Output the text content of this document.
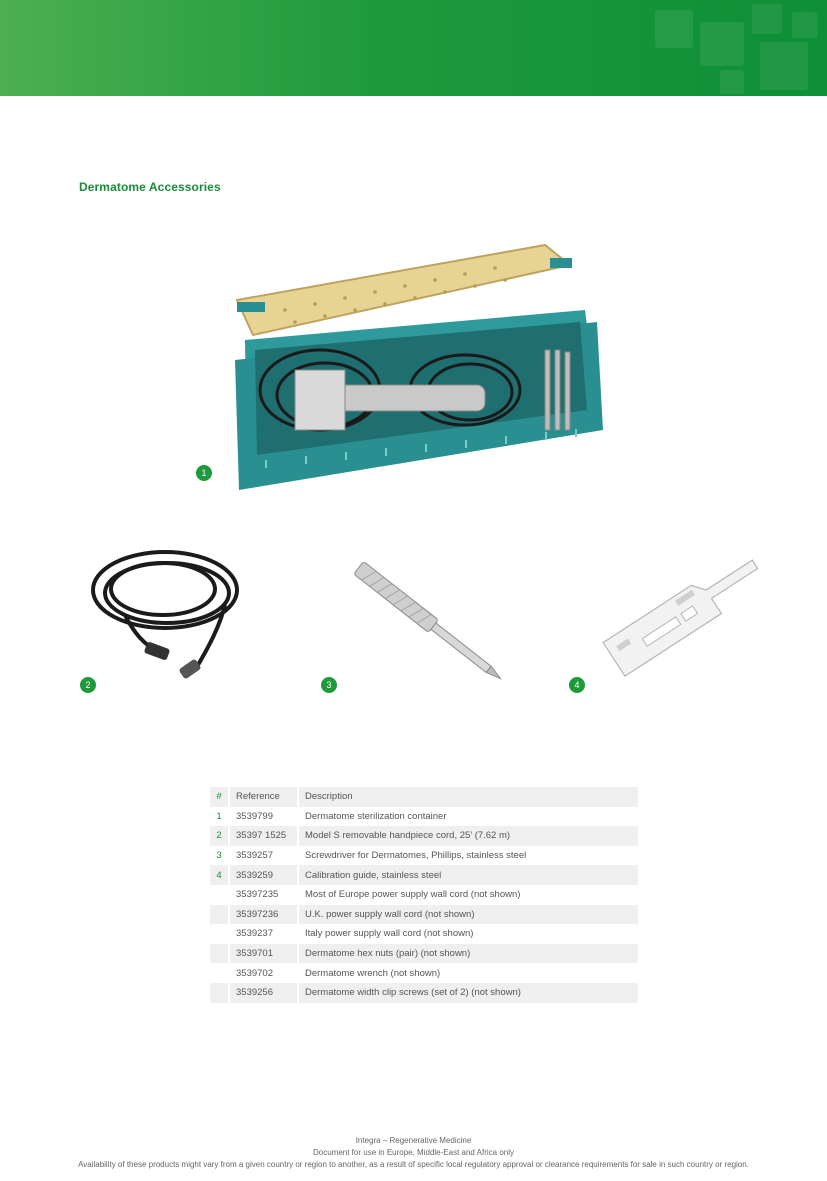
Dermatome Accessories
1
2	3	4
#	Reference	Description
1	3539799	Dermatome sterilization container
2	35397 1525	Model S removable handpiece cord, 25’ (7.62 m)
3	3539257	Screwdriver for Dermatomes, Phillips, stainless steel
4	3539259	Calibration guide, stainless steel
	35397235	Most of Europe power supply wall cord (not shown)
	35397236	U.K. power supply wall cord (not shown)
	3539237	Italy power supply wall cord (not shown)
	3539701	Dermatome hex nuts (pair) (not shown)
	3539702	Dermatome wrench (not shown)
	3539256	Dermatome width clip screws (set of 2) (not shown)
Integra – Regenerative Medicine
Document for use in Europe, Middle-East and Africa only
Availability of these products might vary from a given country or region to another, as a result of specific local regulatory approval or clearance requirements for sale in such country or region.
